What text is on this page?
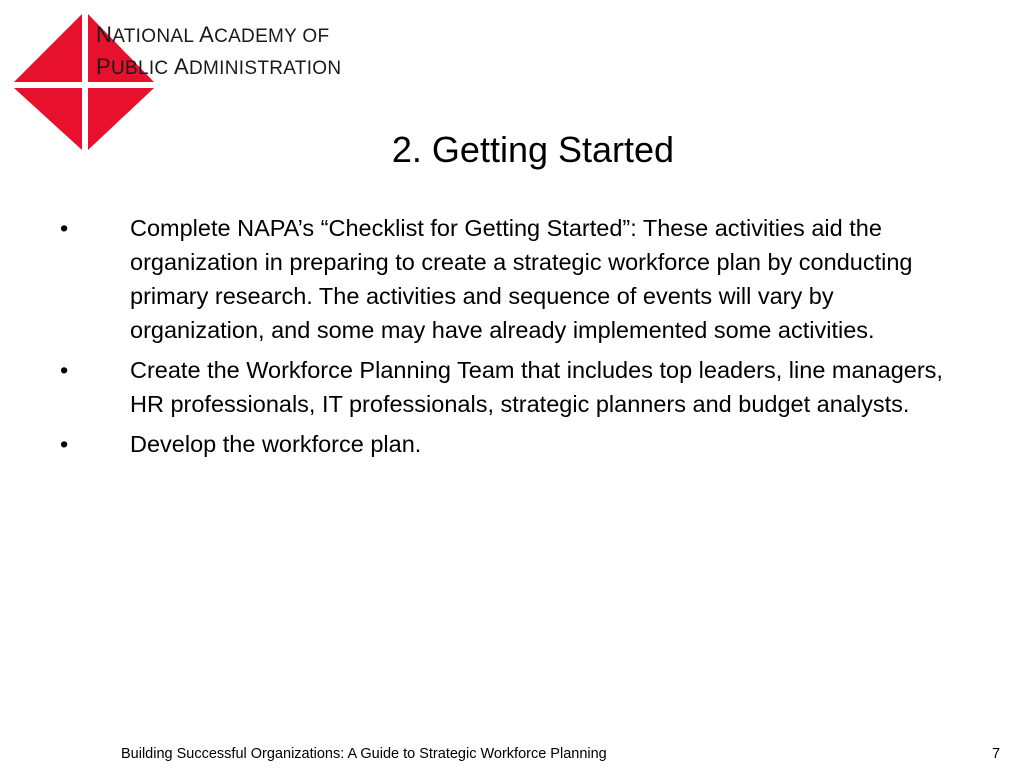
NATIONAL ACADEMY OF
PUBLIC ADMINISTRATION
2. Getting Started
•	Complete NAPA’s “Checklist for Getting Started”: These activities aid the organization in preparing to create a strategic workforce plan by conducting primary research. The activities and sequence of events will vary by organization, and some may have already implemented some activities.
•	Create the Workforce Planning Team that includes top leaders, line managers, HR professionals, IT professionals, strategic planners and budget analysts.
•	Develop the workforce plan.
Building Successful Organizations: A Guide to Strategic Workforce Planning	7
